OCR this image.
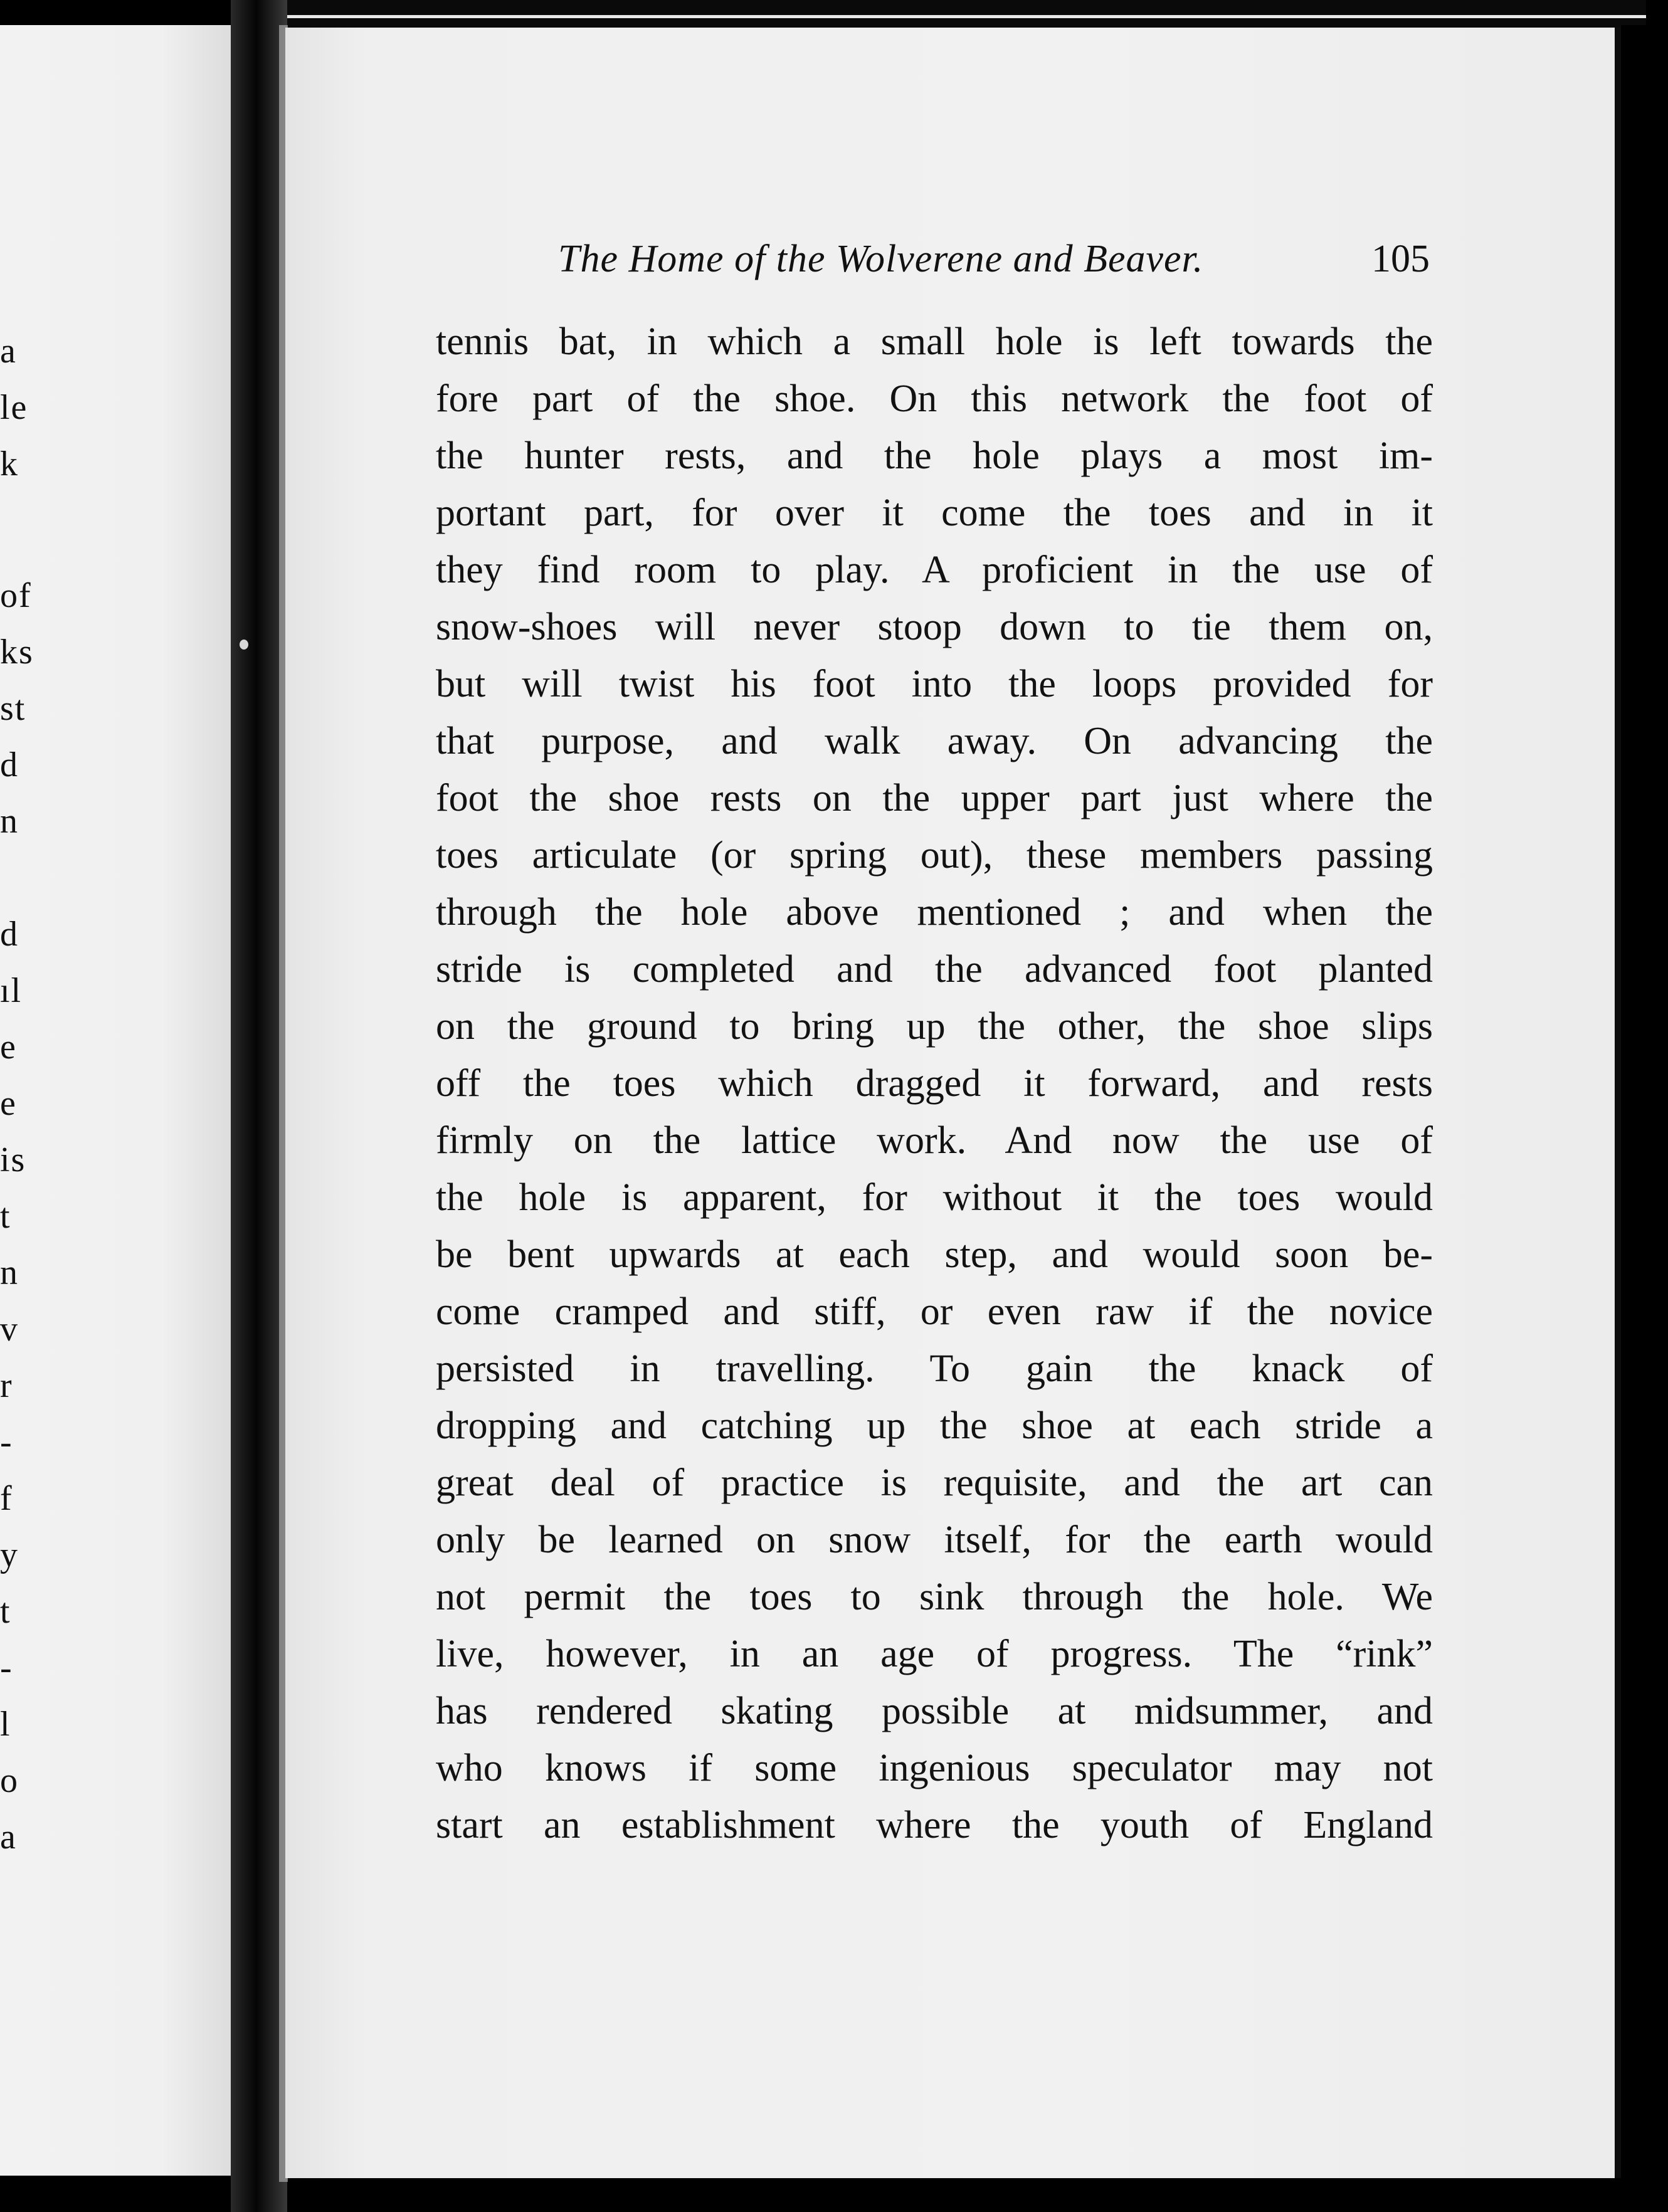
a
le
k
of
ks
st
d
n
d
ıl
e
e
is
t
n
v
r
-
f
y
t
-
l
o
a
The Home of the Wolverene and Beaver.	105
tennis bat, in which a small hole is left towards the
fore part of the shoe. On this network the foot of
the hunter rests, and the hole plays a most im-
portant part, for over it come the toes and in it
they find room to play. A proficient in the use of
snow-shoes will never stoop down to tie them on,
but will twist his foot into the loops provided for
that purpose, and walk away. On advancing the
foot the shoe rests on the upper part just where the
toes articulate (or spring out), these members passing
through the hole above mentioned ; and when the
stride is completed and the advanced foot planted
on the ground to bring up the other, the shoe slips
off the toes which dragged it forward, and rests
firmly on the lattice work. And now the use of
the hole is apparent, for without it the toes would
be bent upwards at each step, and would soon be-
come cramped and stiff, or even raw if the novice
persisted in travelling. To gain the knack of
dropping and catching up the shoe at each stride a
great deal of practice is requisite, and the art can
only be learned on snow itself, for the earth would
not permit the toes to sink through the hole. We
live, however, in an age of progress. The “rink”
has rendered skating possible at midsummer, and
who knows if some ingenious speculator may not
start an establishment where the youth of England
